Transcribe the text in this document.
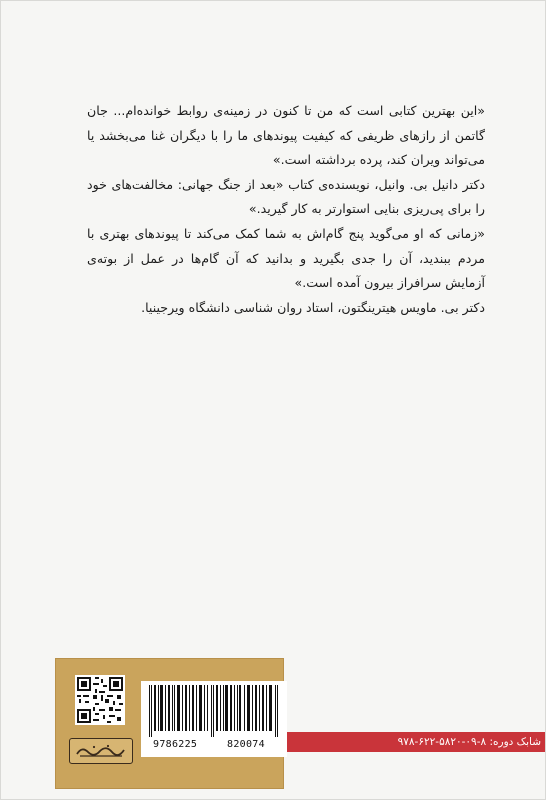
«این بهترین کتابی است که من تا کنون در زمینه‌ی روابط خوانده‌ام... جان گاتمن از رازهای ظریفی که کیفیت پیوندهای ما را با دیگران غنا می‌بخشد یا می‌تواند ویران کند، پرده برداشته است.»

دکتر دانیل بی. وانیل، نویسنده‌ی کتاب «بعد از جنگ جهانی: مخالفت‌های خود را برای پی‌ریزی بنایی استوارتر به کار گیرید.»

«زمانی که او می‌گوید پنج گام‌اش به شما کمک می‌کند تا پیوندهای بهتری با مردم ببندید، آن را جدی بگیرید و بدانید که آن گام‌ها در عمل از بوته‌ی آزمایش سرافراز بیرون آمده است.»

دکتر بی. ماویس هیترینگتون، استاد روان شناسی دانشگاه ویرجینیا.

شابک دوره: ۸-۰۹-۵۸۲۰-۶۲۲-۹۷۸
9786225	820074
